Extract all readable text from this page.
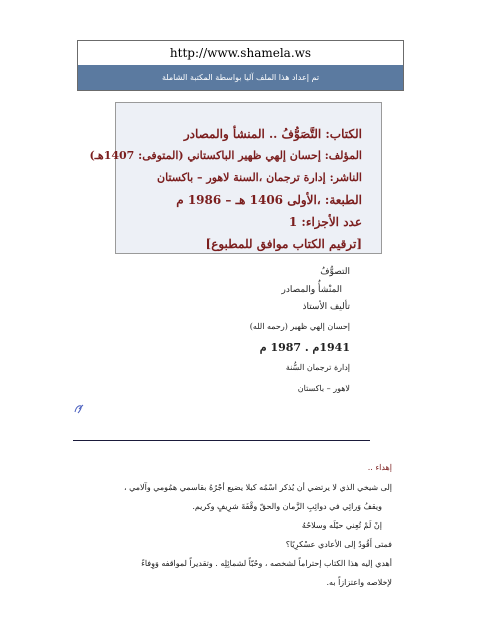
http://www.shamela.ws
تم إعداد هذا الملف آليا بواسطة المكتبة الشاملة
الكتاب: التَّصَوُّفُ .. المنشأ والمصادر
المؤلف: إحسان إلهي ظهير الباكستاني (المتوفى: 1407هـ)
الناشر: إدارة ترجمان ،السنة لاهور – باكستان
الطبعة: ،الأولى 1406 هـ – 1986 م
عدد الأجزاء: 1
[ترقيم الكتاب موافق للمطبوع]
التصوُّفُ
المنْشأُ والمصادر
تأليف الأستاذ
إحسان إلهي ظهير (رحمه الله)
1941م . 1987 م
إدارة ترجمان السُّنة
لاهور – باكستان
إهداء ..
إلى شيخي الذي لا يرتضي أن يُذكر اسْمُه كيلا يضيع أجْرُهُ بقاسمي همُومي وآلامي ،
ويقفُ وَرائِي في دوائِبِ الزَّمان والحقّ وقْفَةَ شرِيفٍ وكريم.
إنْ لَمْ تُعِني حيْلَه وسلاحُهُ
فمتى أَقُودُ إلى الأعادي عسْكرِيًا؟
أهدي إليه هذا الكتاب إحتراماً لشخصه ، وحُبّاً لشمائِلِه . وتقديراً لمواقفه وَوِفاءً
لإخلاصه واعتزازاً به.
